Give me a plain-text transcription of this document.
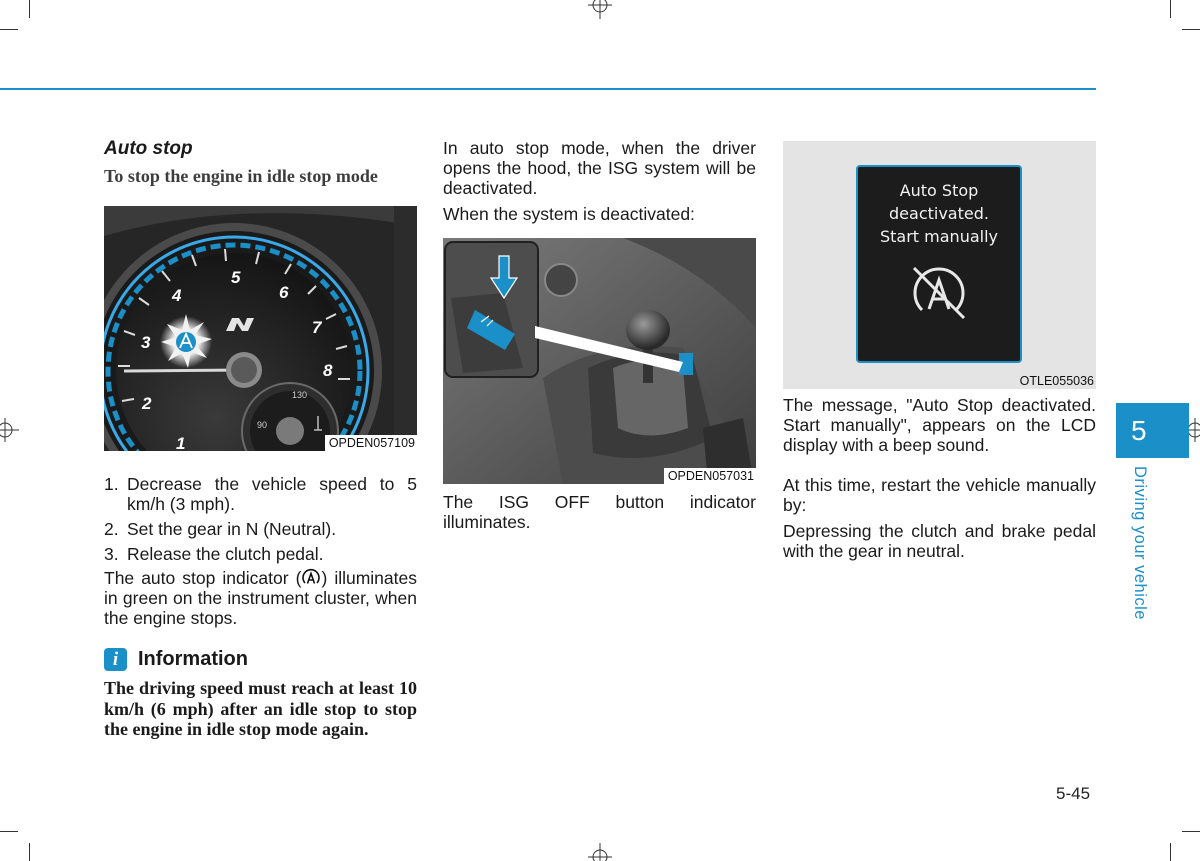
Auto stop
To stop the engine in idle stop mode
1
2
3
4
5
6
7
8
130
90
OPDEN057109
1. Decrease the vehicle speed to 5 km/h (3 mph).
2. Set the gear in N (Neutral).
3. Release the clutch pedal.

The auto stop indicator ( ) illuminates in green on the instrument cluster, when the engine stops.

i Information

The driving speed must reach at least 10 km/h (6 mph) after an idle stop to stop the engine in idle stop mode again.

In auto stop mode, when the driver opens the hood, the ISG system will be deactivated.

When the system is deactivated:

OPDEN057031

The ISG OFF button indicator illuminates.

Auto Stop
deactivated.
Start manually
OTLE055036

The message, "Auto Stop deactivated. Start manually", appears on the LCD display with a beep sound.

At this time, restart the vehicle manually by:

Depressing the clutch and brake pedal with the gear in neutral.

5
Driving your vehicle
5-45
